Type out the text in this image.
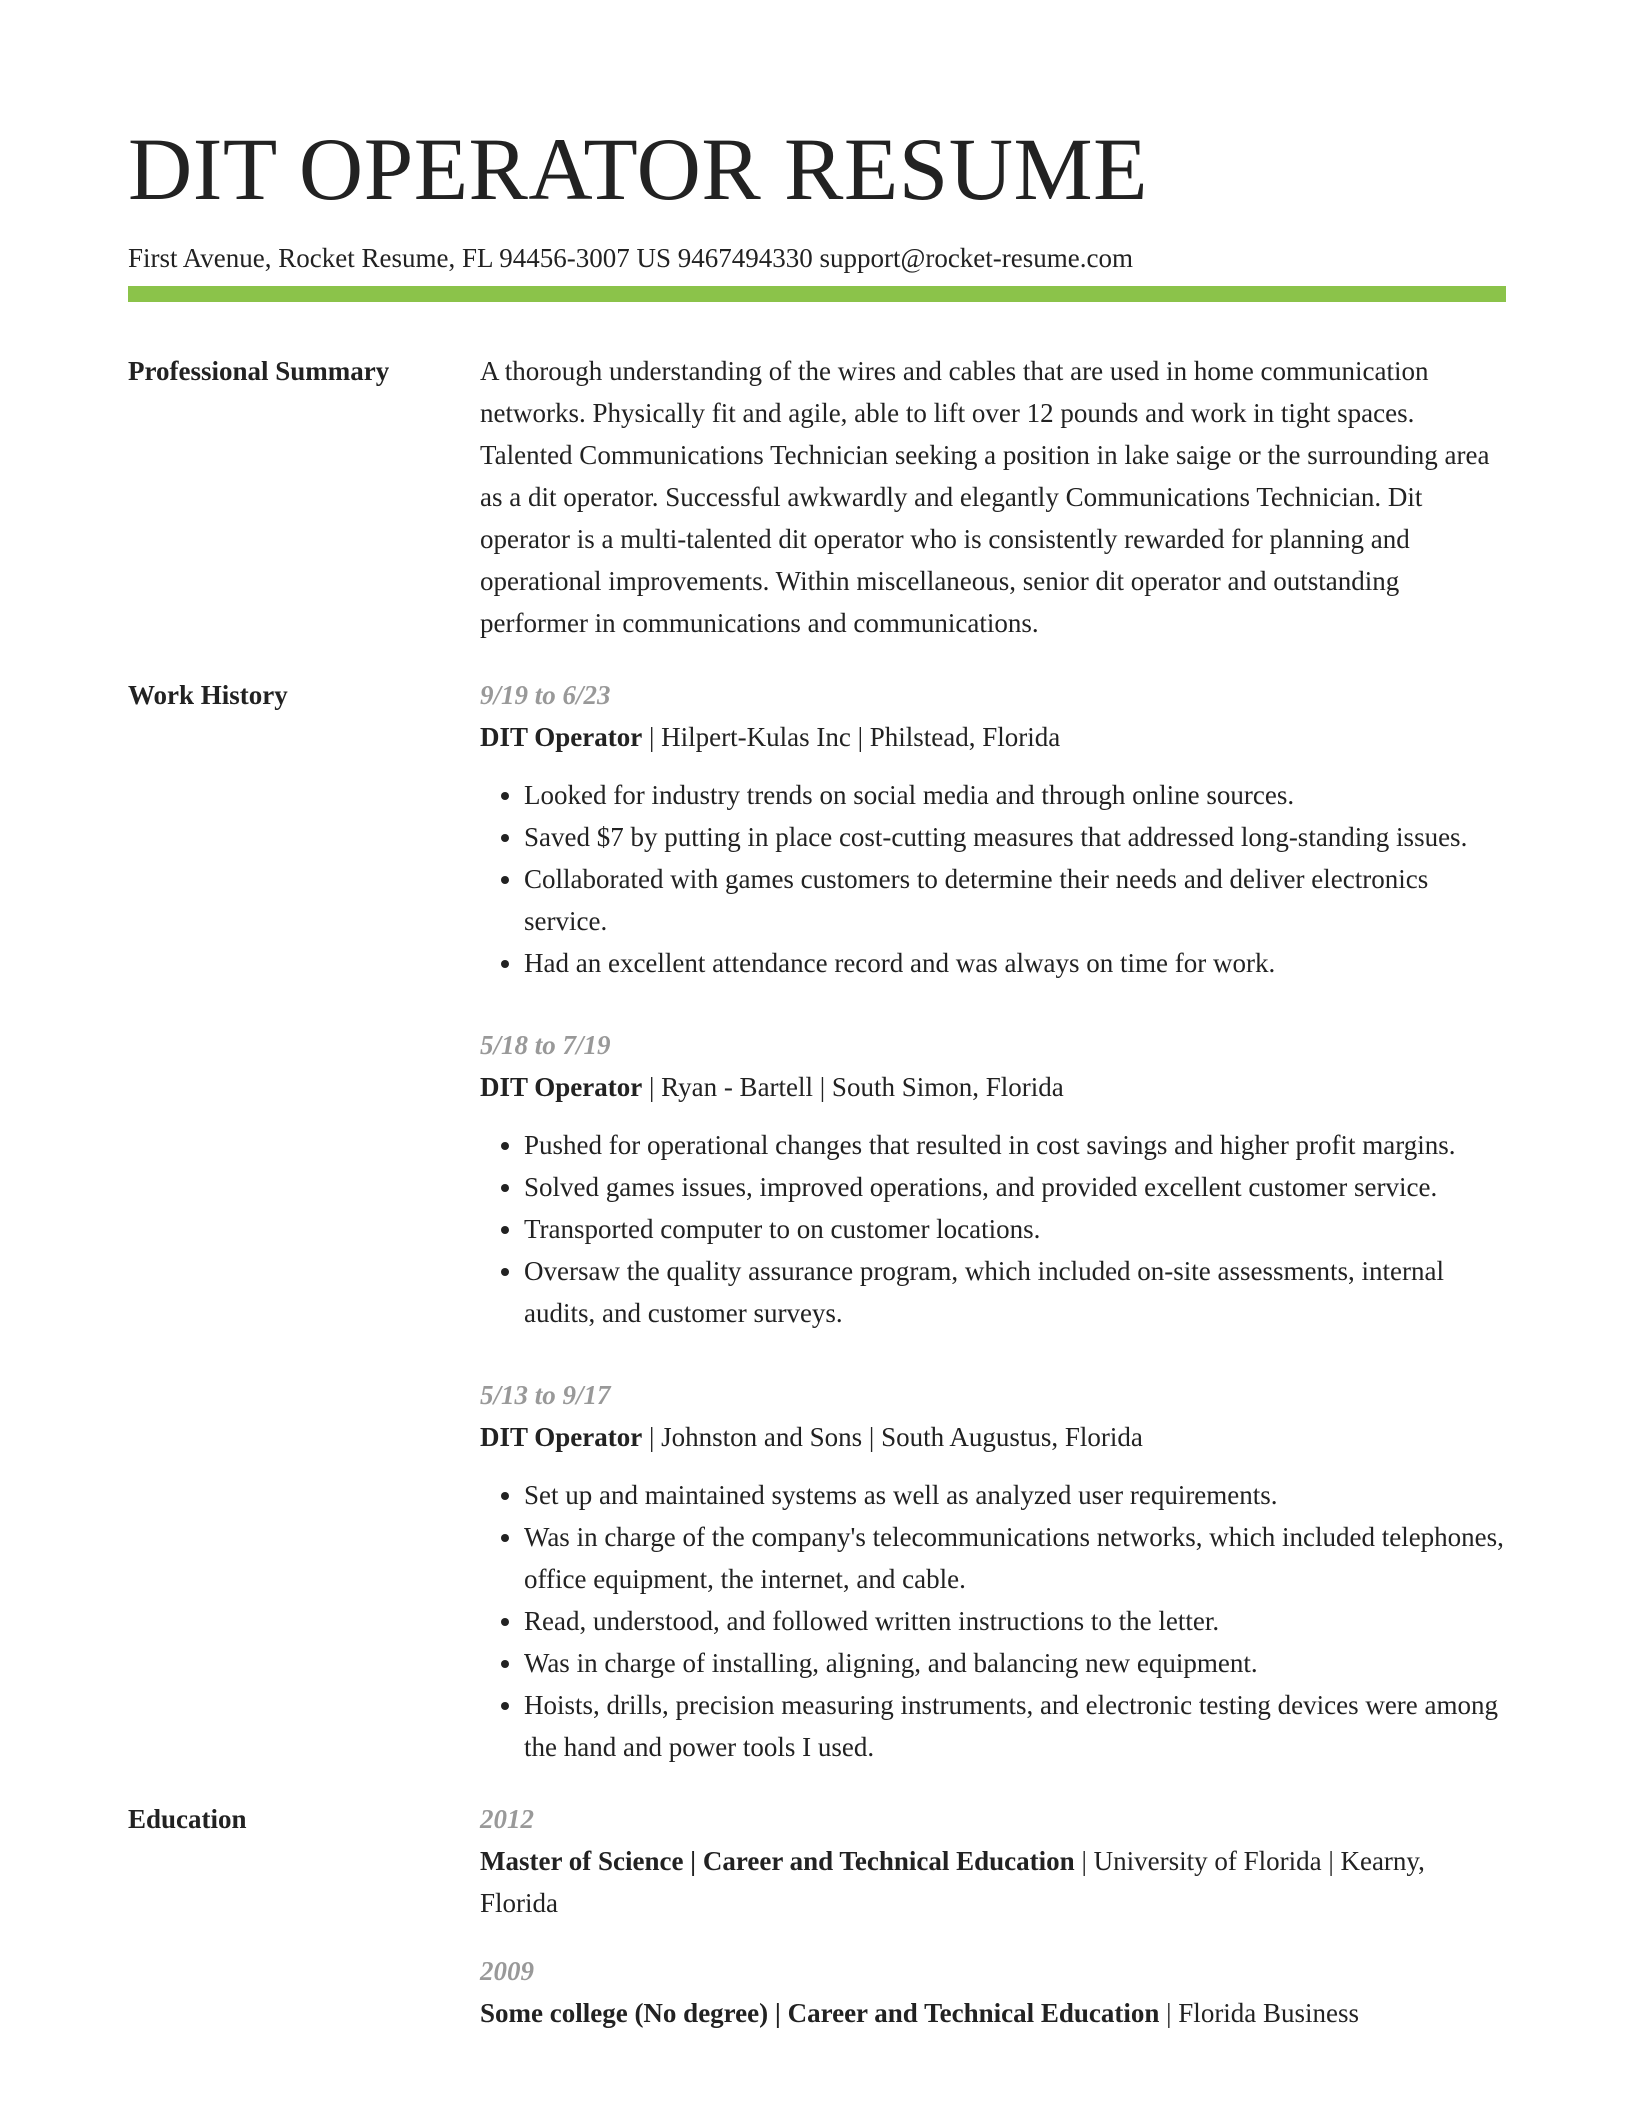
DIT OPERATOR RESUME
First Avenue, Rocket Resume, FL 94456-3007 US 9467494330 support@rocket-resume.com
Professional Summary	A thorough understanding of the wires and cables that are used in home communication networks. Physically fit and agile, able to lift over 12 pounds and work in tight spaces. Talented Communications Technician seeking a position in lake saige or the surrounding area as a dit operator. Successful awkwardly and elegantly Communications Technician. Dit operator is a multi-talented dit operator who is consistently rewarded for planning and operational improvements. Within miscellaneous, senior dit operator and outstanding performer in communications and communications.

Work History	9/19 to 6/23
DIT Operator | Hilpert-Kulas Inc | Philstead, Florida
• Looked for industry trends on social media and through online sources.
• Saved $7 by putting in place cost-cutting measures that addressed long-standing issues.
• Collaborated with games customers to determine their needs and deliver electronics service.
• Had an excellent attendance record and was always on time for work.
5/18 to 7/19
DIT Operator | Ryan - Bartell | South Simon, Florida
• Pushed for operational changes that resulted in cost savings and higher profit margins.
• Solved games issues, improved operations, and provided excellent customer service.
• Transported computer to on customer locations.
• Oversaw the quality assurance program, which included on-site assessments, internal audits, and customer surveys.
5/13 to 9/17
DIT Operator | Johnston and Sons | South Augustus, Florida
• Set up and maintained systems as well as analyzed user requirements.
• Was in charge of the company's telecommunications networks, which included telephones, office equipment, the internet, and cable.
• Read, understood, and followed written instructions to the letter.
• Was in charge of installing, aligning, and balancing new equipment.
• Hoists, drills, precision measuring instruments, and electronic testing devices were among the hand and power tools I used.
Education	2012
Master of Science | Career and Technical Education | University of Florida | Kearny, Florida
2009
Some college (No degree) | Career and Technical Education | Florida Business
